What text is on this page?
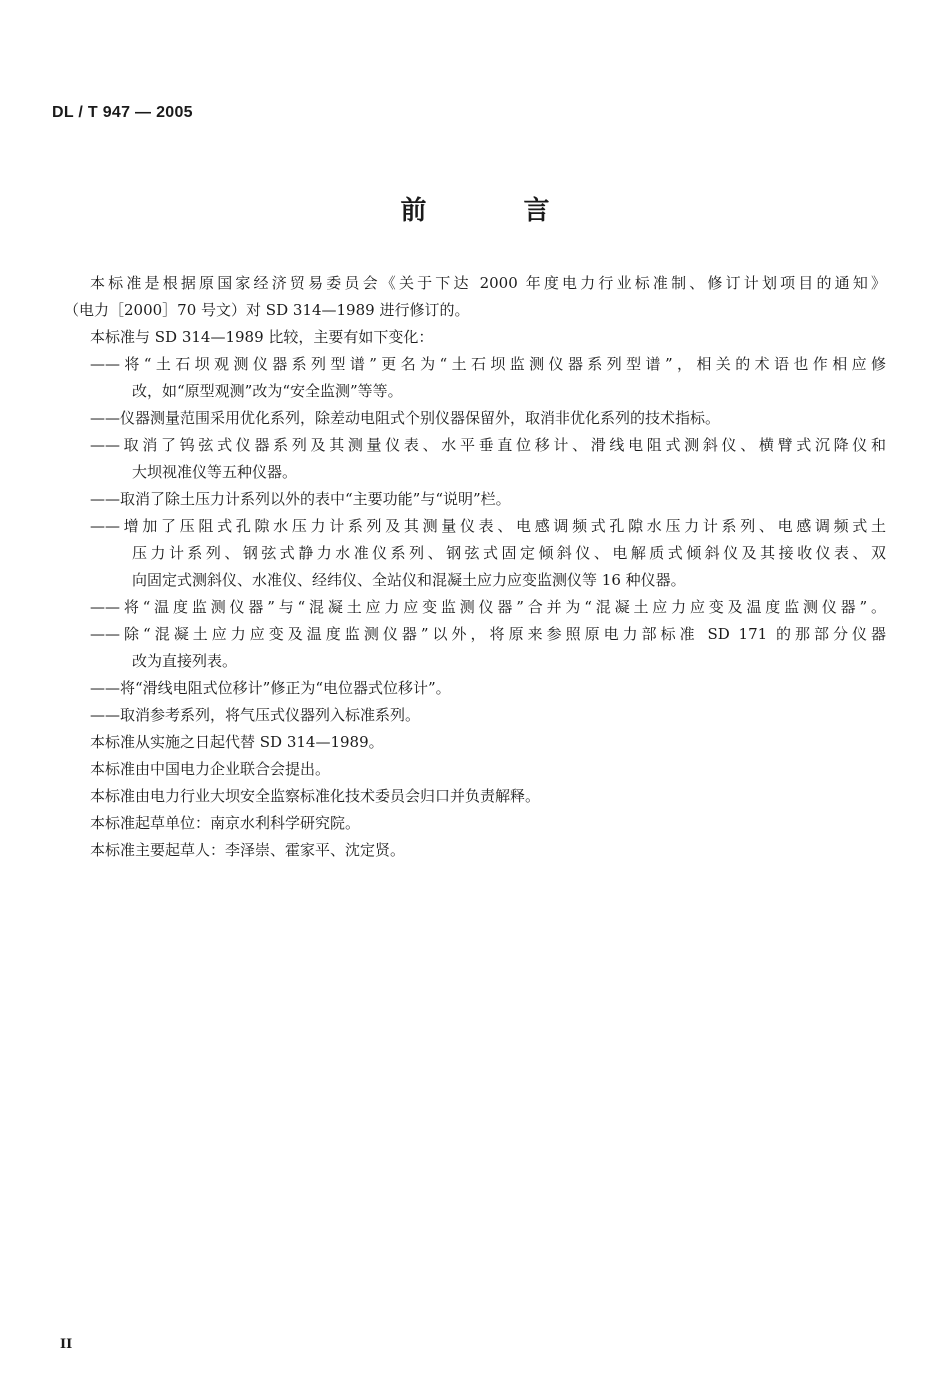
DL / T 947 — 2005
前 言
本标准是根据原国家经济贸易委员会《关于下达 2000 年度电力行业标准制、修订计划项目的通知》
（电力［2000］70 号文）对 SD 314—1989 进行修订的。
本标准与 SD 314—1989 比较，主要有如下变化：
——将“土石坝观测仪器系列型谱”更名为“土石坝监测仪器系列型谱”，相关的术语也作相应修
改，如“原型观测”改为“安全监测”等等。
——仪器测量范围采用优化系列，除差动电阻式个别仪器保留外，取消非优化系列的技术指标。
——取消了钨弦式仪器系列及其测量仪表、水平垂直位移计、滑线电阻式测斜仪、横臂式沉降仪和
大坝视准仪等五种仪器。
——取消了除土压力计系列以外的表中“主要功能”与“说明”栏。
——增加了压阻式孔隙水压力计系列及其测量仪表、电感调频式孔隙水压力计系列、电感调频式土
压力计系列、钢弦式静力水准仪系列、钢弦式固定倾斜仪、电解质式倾斜仪及其接收仪表、双
向固定式测斜仪、水准仪、经纬仪、全站仪和混凝土应力应变监测仪等 16 种仪器。
——将“温度监测仪器”与“混凝土应力应变监测仪器”合并为“混凝土应力应变及温度监测仪器”。
——除“混凝土应力应变及温度监测仪器”以外，将原来参照原电力部标准 SD 171 的那部分仪器
改为直接列表。
——将“滑线电阻式位移计”修正为“电位器式位移计”。
——取消参考系列，将气压式仪器列入标准系列。
本标准从实施之日起代替 SD 314—1989。
本标准由中国电力企业联合会提出。
本标准由电力行业大坝安全监察标准化技术委员会归口并负责解释。
本标准起草单位：南京水利科学研究院。
本标准主要起草人：李泽崇、霍家平、沈定贤。
II
